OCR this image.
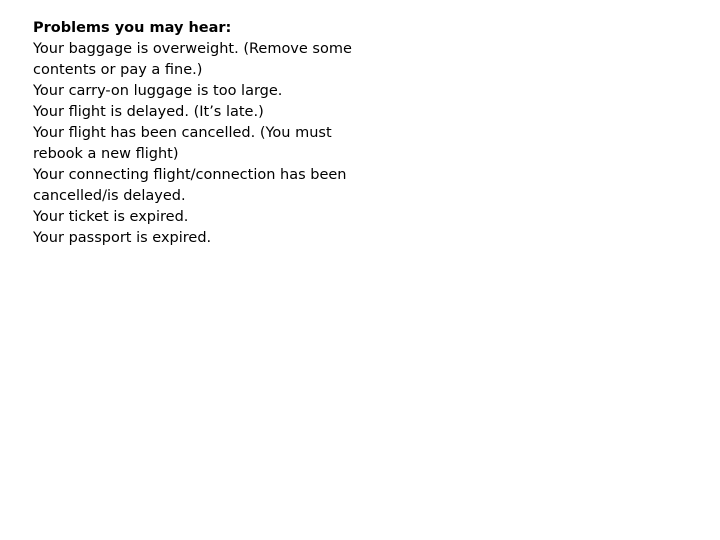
Problems you may hear:

Your baggage is overweight. (Remove some contents or pay a fine.)
Your carry-on luggage is too large.
Your flight is delayed. (It’s late.)
Your flight has been cancelled. (You must rebook a new flight)
Your connecting flight/connection has been cancelled/is delayed.
Your ticket is expired.
Your passport is expired.
